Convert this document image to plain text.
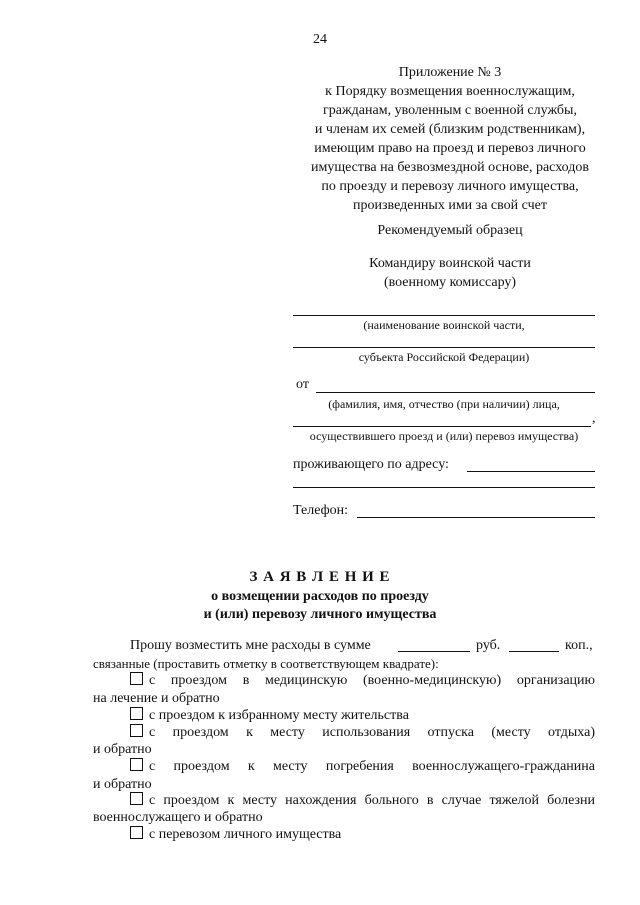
24
Приложение № 3
к Порядку возмещения военнослужащим,
гражданам, уволенным с военной службы,
и членам их семей (близким родственникам),
имеющим право на проезд и перевоз личного
имущества на безвозмездной основе, расходов
по проезду и перевозу личного имущества,
произведенных ими за свой счет
Рекомендуемый образец
Командиру воинской части
(военному комиссару)
(наименование воинской части,
субъекта Российской Федерации)
от
(фамилия, имя, отчество (при наличии) лица,
,
осуществившего проезд и (или) перевоз имущества)
проживающего по адресу:
Телефон:
З А Я В Л Е Н И Е
о возмещении расходов по проезду
и (или) перевозу личного имущества
Прошу возместить мне расходы в сумме	руб.	коп.,
связанные (проставить отметку в соответствующем квадрате):
с проездом в медицинскую (военно-медицинскую) организацию
на лечение и обратно
с проездом к избранному месту жительства
с проездом к месту использования отпуска (месту отдыха)
и обратно
с проездом к месту погребения военнослужащего-гражданина
и обратно
с проездом к месту нахождения больного в случае тяжелой болезни
военнослужащего и обратно
с перевозом личного имущества
